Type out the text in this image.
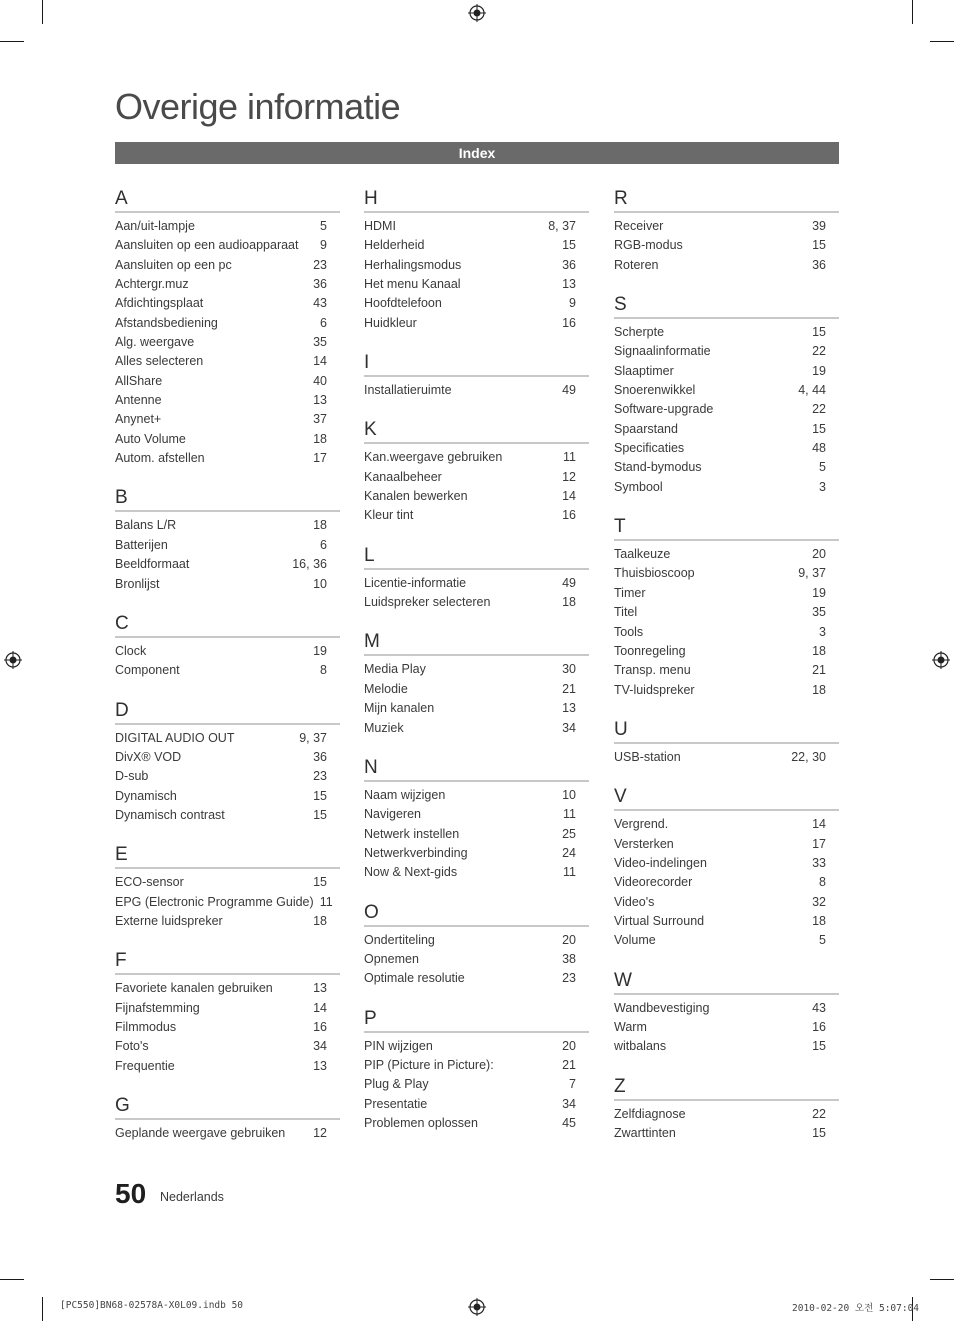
Overige informatie
Index
A
Aan/uit-lampje	5
Aansluiten op een audioapparaat	9
Aansluiten op een pc	23
Achtergr.muz	36
Afdichtingsplaat	43
Afstandsbediening	6
Alg. weergave	35
Alles selecteren	14
AllShare	40
Antenne	13
Anynet+	37
Auto Volume	18
Autom. afstellen	17
B
Balans L/R	18
Batterijen	6
Beeldformaat	16, 36
Bronlijst	10
C
Clock	19
Component	8
D
DIGITAL AUDIO OUT	9, 37
DivX® VOD	36
D-sub	23
Dynamisch	15
Dynamisch contrast	15
E
ECO-sensor	15
EPG (Electronic Programme Guide) 11
Externe luidspreker	18
F
Favoriete kanalen gebruiken	13
Fijnafstemming	14
Filmmodus	16
Foto's	34
Frequentie	13
G
Geplande weergave gebruiken	12
H
HDMI	8, 37
Helderheid	15
Herhalingsmodus	36
Het menu Kanaal	13
Hoofdtelefoon	9
Huidkleur	16
I
Installatieruimte	49
K
Kan.weergave gebruiken	11
Kanaalbeheer	12
Kanalen bewerken	14
Kleur tint	16
L
Licentie-informatie	49
Luidspreker selecteren	18
M
Media Play	30
Melodie	21
Mijn kanalen	13
Muziek	34
N
Naam wijzigen	10
Navigeren	11
Netwerk instellen	25
Netwerkverbinding	24
Now & Next-gids	11
O
Ondertiteling	20
Opnemen	38
Optimale resolutie	23
P
PIN wijzigen	20
PIP (Picture in Picture):	21
Plug & Play	7
Presentatie	34
Problemen oplossen	45
R
Receiver	39
RGB-modus	15
Roteren	36
S
Scherpte	15
Signaalinformatie	22
Slaaptimer	19
Snoerenwikkel	4, 44
Software-upgrade	22
Spaarstand	15
Specificaties	48
Stand-bymodus	5
Symbool	3
T
Taalkeuze	20
Thuisbioscoop	9, 37
Timer	19
Titel	35
Tools	3
Toonregeling	18
Transp. menu	21
TV-luidspreker	18
U
USB-station	22, 30
V
Vergrend.	14
Versterken	17
Video-indelingen	33
Videorecorder	8
Video's	32
Virtual Surround	18
Volume	5
W
Wandbevestiging	43
Warm	16
witbalans	15
Z
Zelfdiagnose	22
Zwarttinten	15
50 Nederlands
[PC550]BN68-02578A-X0L09.indb 50	2010-02-20 오전 5:07:04
